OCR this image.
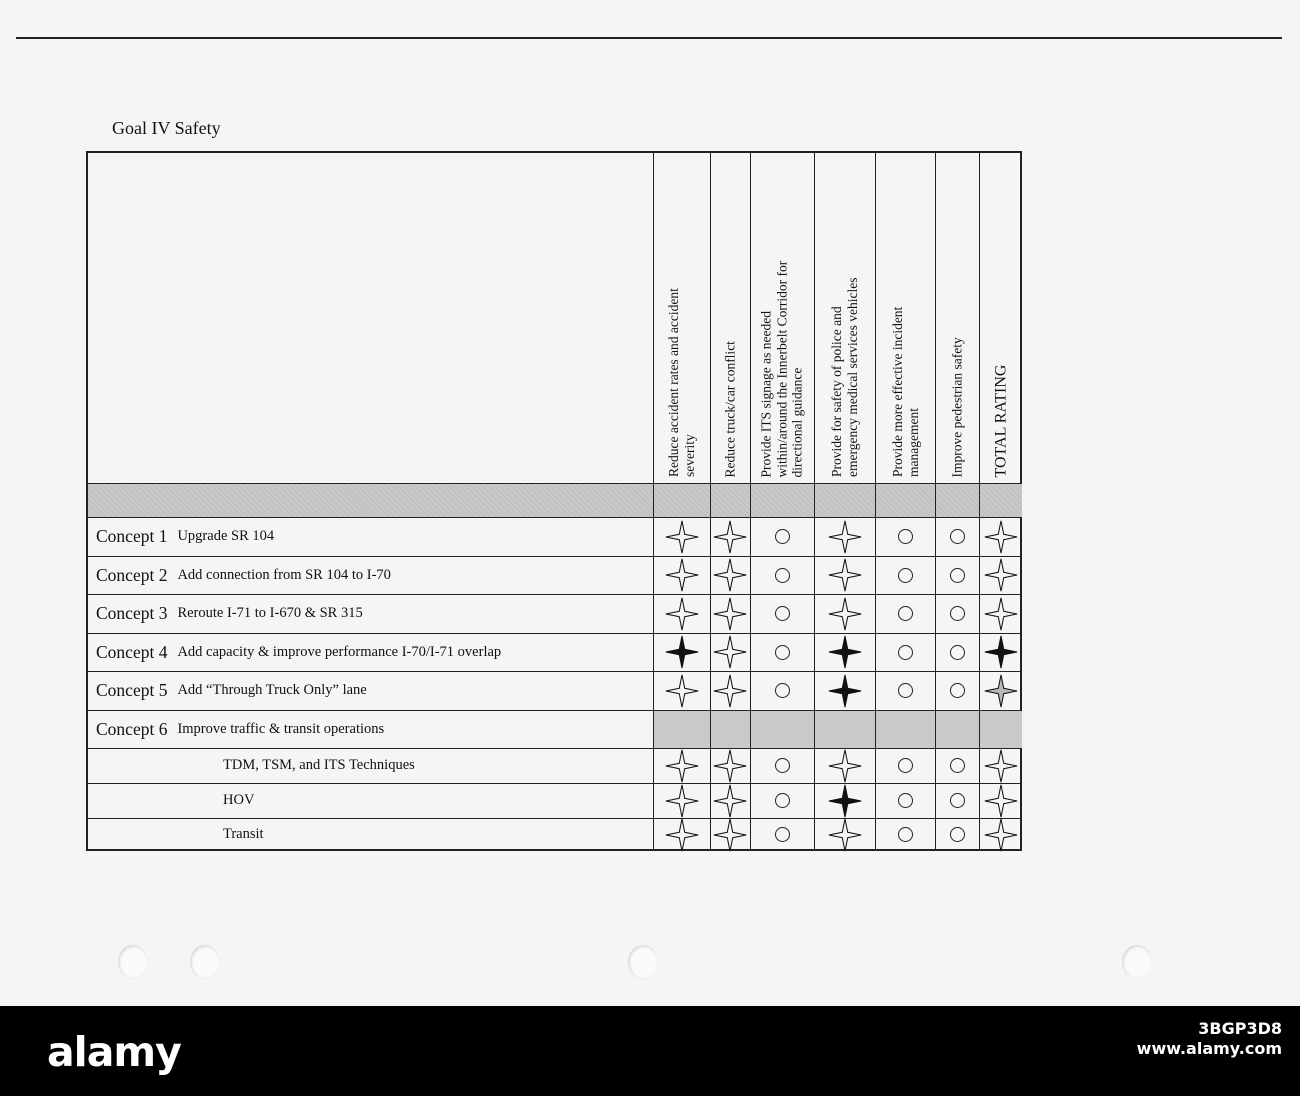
Goal IV Safety
Reduce accident rates and accident severity Reduce truck/car conflict Provide ITS signage as needed within/around the Innerbelt Corridor for directional guidance Provide for safety of police and emergency medical services vehicles Provide more effective incident management Improve pedestrian safety TOTAL RATING
Concept 1 Upgrade SR 104
Concept 2 Add connection from SR 104 to I-70
Concept 3 Reroute I-71 to I-670 & SR 315
Concept 4 Add capacity & improve performance I-70/I-71 overlap
Concept 5 Add “Through Truck Only” lane
Concept 6 Improve traffic & transit operations
TDM, TSM, and ITS Techniques
HOV
Transit
alamy	3BGP3D8
www.alamy.com
